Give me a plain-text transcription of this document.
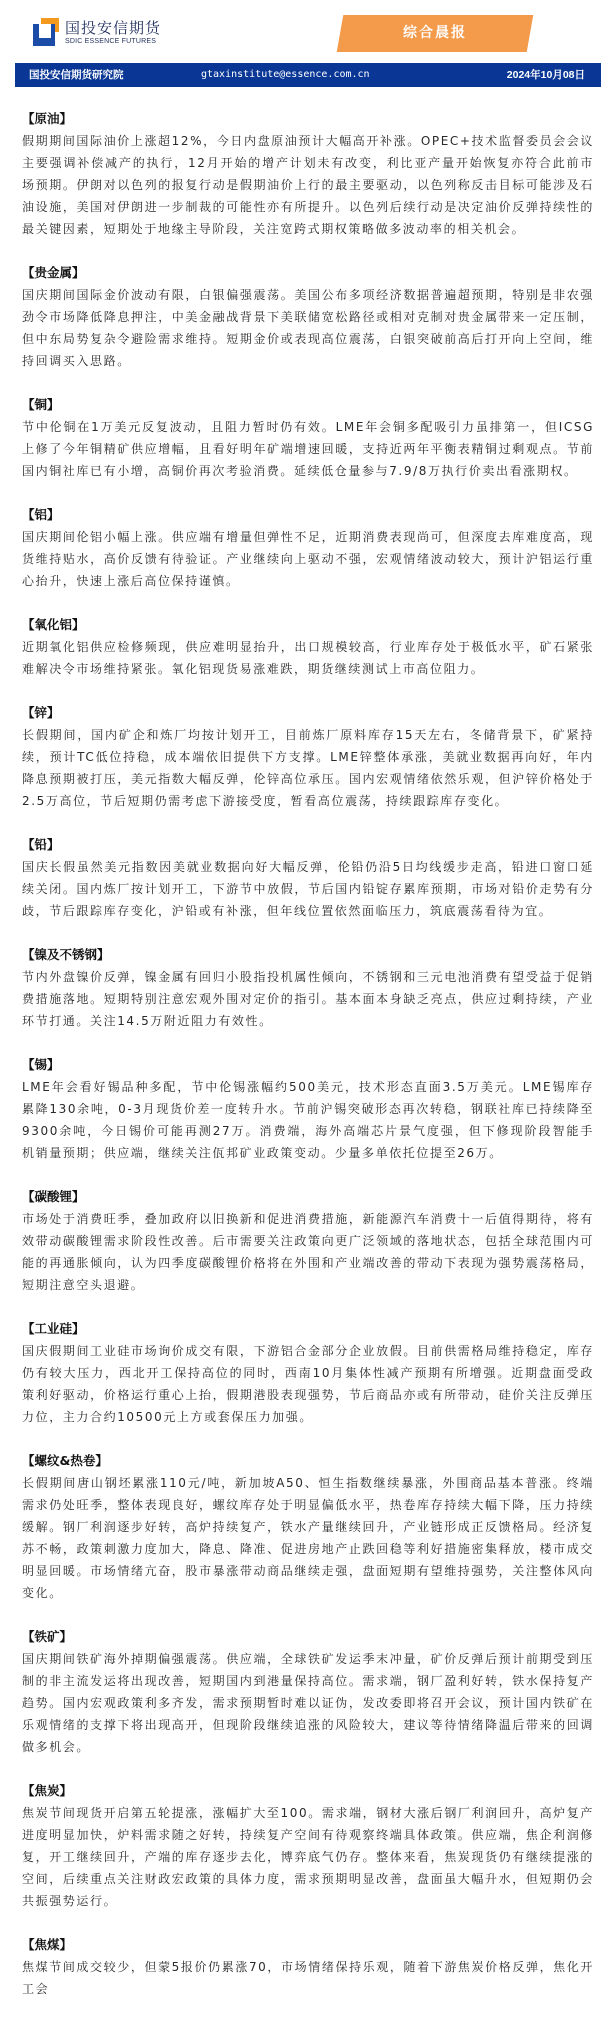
国投安信期货
SDIC ESSENCE FUTURES
综合晨报
国投安信期货研究院	gtaxinstitute@essence.com.cn	2024年10月08日
【原油】

假期期间国际油价上涨超12%，今日内盘原油预计大幅高开补涨。OPEC+技术监督委员会会议主要强调补偿减产的执行，12月开始的增产计划未有改变，利比亚产量开始恢复亦符合此前市场预期。伊朗对以色列的报复行动是假期油价上行的最主要驱动，以色列称反击目标可能涉及石油设施，美国对伊朗进一步制裁的可能性亦有所提升。以色列后续行动是决定油价反弹持续性的最关键因素，短期处于地缘主导阶段，关注宽跨式期权策略做多波动率的相关机会。

【贵金属】

国庆期间国际金价波动有限，白银偏强震荡。美国公布多项经济数据普遍超预期，特别是非农强劲令市场降低降息押注，中美金融战背景下美联储宽松路径或相对克制对贵金属带来一定压制，但中东局势复杂令避险需求维持。短期金价或表现高位震荡，白银突破前高后打开向上空间，维持回调买入思路。

【铜】

节中伦铜在1万美元反复波动，且阻力暂时仍有效。LME年会铜多配吸引力虽排第一，但ICSG上修了今年铜精矿供应增幅，且看好明年矿端增速回暖，支持近两年平衡表精铜过剩观点。节前国内铜社库已有小增，高铜价再次考验消费。延续低仓量参与7.9/8万执行价卖出看涨期权。

【铝】

国庆期间伦铝小幅上涨。供应端有增量但弹性不足，近期消费表现尚可，但深度去库难度高，现货维持贴水，高价反馈有待验证。产业继续向上驱动不强，宏观情绪波动较大，预计沪铝运行重心抬升，快速上涨后高位保持谨慎。

【氧化铝】

近期氧化铝供应检修频现，供应难明显抬升，出口规模较高，行业库存处于极低水平，矿石紧张难解决令市场维持紧张。氧化铝现货易涨难跌，期货继续测试上市高位阻力。

【锌】

长假期间，国内矿企和炼厂均按计划开工，目前炼厂原料库存15天左右，冬储背景下，矿紧持续，预计TC低位持稳，成本端依旧提供下方支撑。LME锌整体承涨，美就业数据再向好，年内降息预期被打压，美元指数大幅反弹，伦锌高位承压。国内宏观情绪依然乐观，但沪锌价格处于2.5万高位，节后短期仍需考虑下游接受度，暂看高位震荡，持续跟踪库存变化。

【铅】

国庆长假虽然美元指数因美就业数据向好大幅反弹，伦铅仍沿5日均线缓步走高，铅进口窗口延续关闭。国内炼厂按计划开工，下游节中放假，节后国内铅锭存累库预期，市场对铅价走势有分歧，节后跟踪库存变化，沪铅或有补涨，但年线位置依然面临压力，筑底震荡看待为宜。

【镍及不锈钢】

节内外盘镍价反弹，镍金属有回归小股指投机属性倾向，不锈钢和三元电池消费有望受益于促销费措施落地。短期特别注意宏观外围对定价的指引。基本面本身缺乏亮点，供应过剩持续，产业环节打通。关注14.5万附近阻力有效性。

【锡】

LME年会看好锡品种多配，节中伦锡涨幅约500美元，技术形态直面3.5万美元。LME锡库存累降130余吨，0-3月现货价差一度转升水。节前沪锡突破形态再次转稳，钢联社库已持续降至9300余吨，今日锡价可能再测27万。消费端，海外高端芯片景气度强，但下修现阶段智能手机销量预期；供应端，继续关注佤邦矿业政策变动。少量多单依托位提至26万。

【碳酸锂】

市场处于消费旺季，叠加政府以旧换新和促进消费措施，新能源汽车消费十一后值得期待，将有效带动碳酸锂需求阶段性改善。后市需要关注政策向更广泛领域的落地状态，包括全球范围内可能的再通胀倾向，认为四季度碳酸锂价格将在外围和产业端改善的带动下表现为强势震荡格局，短期注意空头退避。

【工业硅】

国庆假期间工业硅市场询价成交有限，下游铝合金部分企业放假。目前供需格局维持稳定，库存仍有较大压力，西北开工保持高位的同时，西南10月集体性减产预期有所增强。近期盘面受政策利好驱动，价格运行重心上抬，假期港股表现强势，节后商品亦或有所带动，硅价关注反弹压力位，主力合约10500元上方或套保压力加强。

【螺纹&热卷】

长假期间唐山钢坯累涨110元/吨，新加坡A50、恒生指数继续暴涨，外围商品基本普涨。终端需求仍处旺季，整体表现良好，螺纹库存处于明显偏低水平，热卷库存持续大幅下降，压力持续缓解。钢厂利润逐步好转，高炉持续复产，铁水产量继续回升，产业链形成正反馈格局。经济复苏不畅，政策刺激力度加大，降息、降准、促进房地产止跌回稳等利好措施密集释放，楼市成交明显回暖。市场情绪亢奋，股市暴涨带动商品继续走强，盘面短期有望维持强势，关注整体风向变化。

【铁矿】

国庆期间铁矿海外掉期偏强震荡。供应端，全球铁矿发运季末冲量，矿价反弹后预计前期受到压制的非主流发运将出现改善，短期国内到港量保持高位。需求端，钢厂盈利好转，铁水保持复产趋势。国内宏观政策利多齐发，需求预期暂时难以证伪，发改委即将召开会议，预计国内铁矿在乐观情绪的支撑下将出现高开，但现阶段继续追涨的风险较大，建议等待情绪降温后带来的回调做多机会。

【焦炭】

焦炭节间现货开启第五轮提涨，涨幅扩大至100。需求端，钢材大涨后钢厂利润回升，高炉复产进度明显加快，炉料需求随之好转，持续复产空间有待观察终端具体政策。供应端，焦企利润修复，开工继续回升，产端的库存逐步去化，博弈底气仍存。整体来看，焦炭现货仍有继续提涨的空间，后续重点关注财政宏政策的具体力度，需求预期明显改善，盘面虽大幅升水，但短期仍会共振强势运行。

【焦煤】

焦煤节间成交较少，但蒙5报价仍累涨70，市场情绪保持乐观，随着下游焦炭价格反弹，焦化开工会
